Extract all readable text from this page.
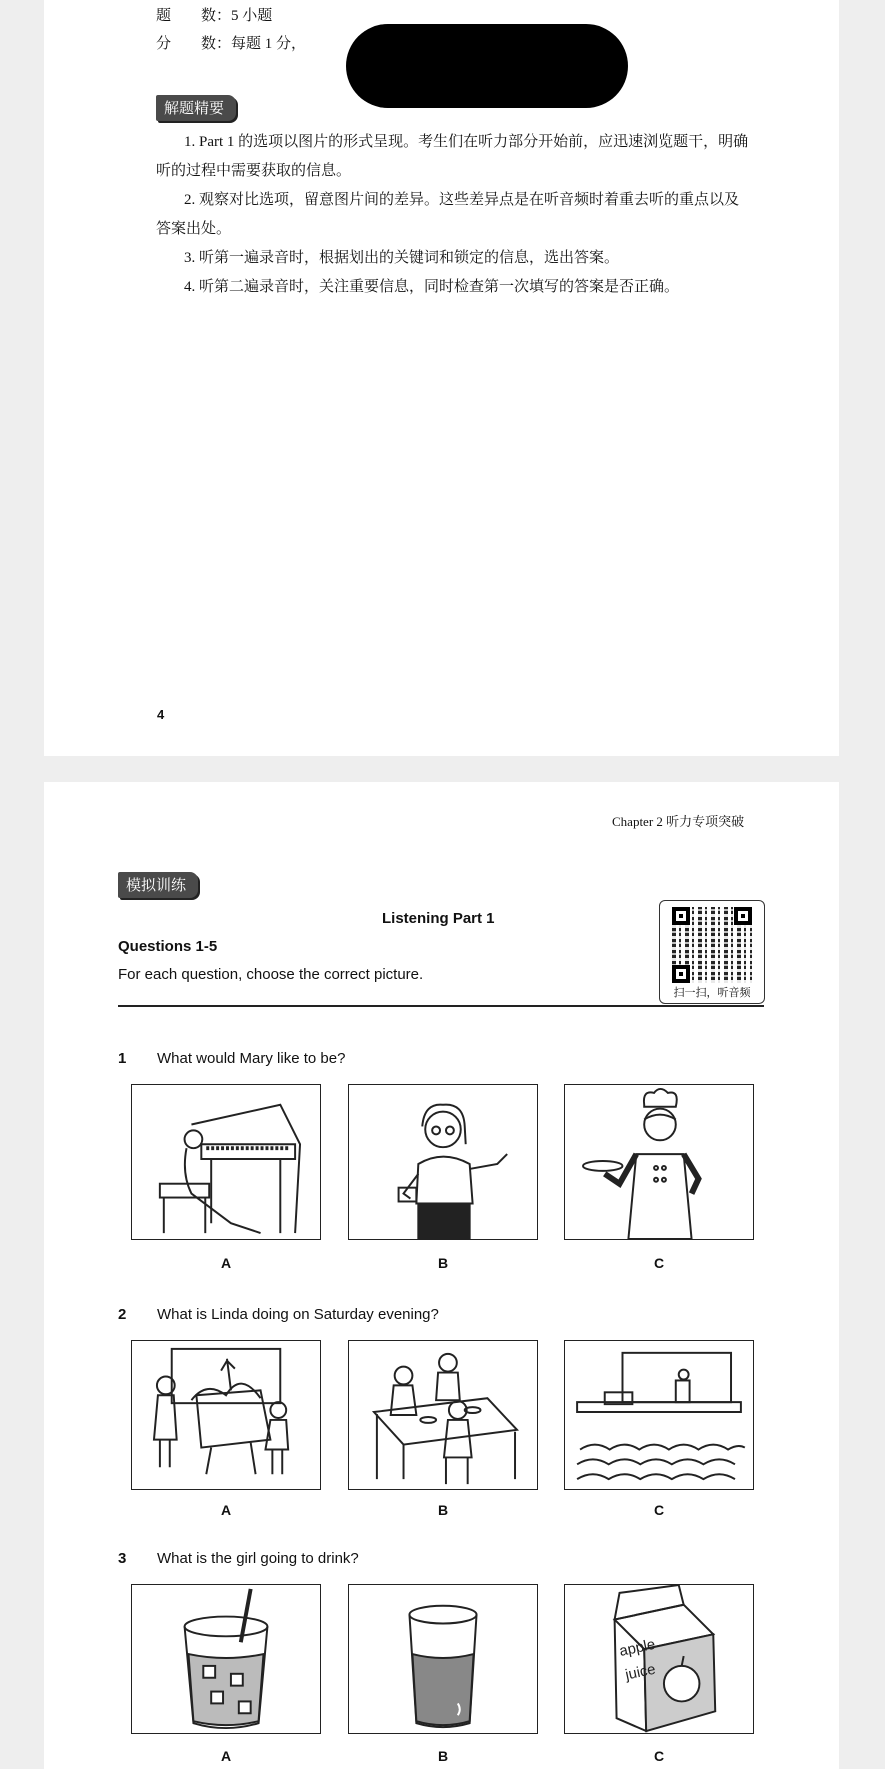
题　　数：5 小题
分　　数：每题 1 分，
解题精要
1. Part 1 的选项以图片的形式呈现。考生们在听力部分开始前，应迅速浏览题干，明确
听的过程中需要获取的信息。
2. 观察对比选项，留意图片间的差异。这些差异点是在听音频时着重去听的重点以及
答案出处。
3. 听第一遍录音时，根据划出的关键词和锁定的信息，选出答案。
4. 听第二遍录音时，关注重要信息，同时检查第一次填写的答案是否正确。
4
Chapter 2 听力专项突破
模拟训练
Listening Part 1
Questions 1-5
For each question, choose the correct picture.
扫一扫，听音频
1 What would Mary like to be?
A	B	C
2 What is Linda doing on Saturday evening?
A	B	C
3 What is the girl going to drink?
apple
juice
A	B	C
